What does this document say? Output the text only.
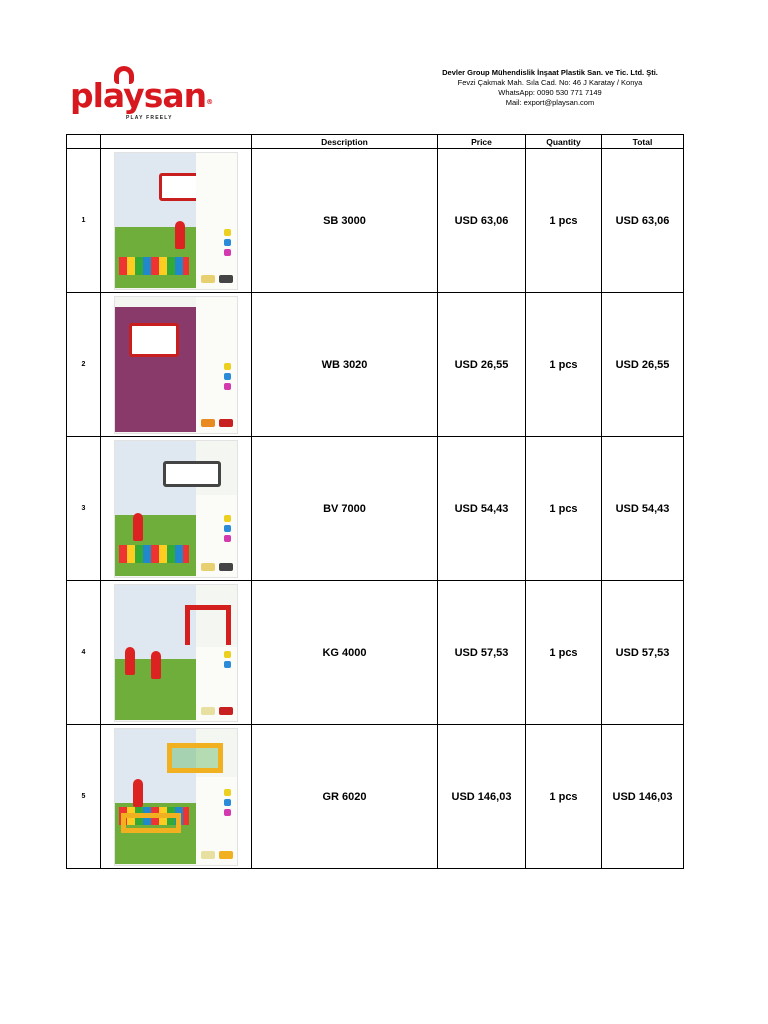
playsan®
PLAY FREELY
Devler Group Mühendislik İnşaat Plastik San. ve Tic. Ltd. Şti.
Fevzi Çakmak Mah. Sıla Cad. No: 46 J Karatay / Konya
WhatsApp: 0090 530 771 7149
Mail: export@playsan.com
		Description	Price	Quantity	Total
1		SB 3000	USD 63,06	1 pcs	USD 63,06
2		WB 3020	USD 26,55	1 pcs	USD 26,55
3		BV 7000	USD 54,43	1 pcs	USD 54,43
4		KG 4000	USD 57,53	1 pcs	USD 57,53
5		GR 6020	USD 146,03	1 pcs	USD 146,03
